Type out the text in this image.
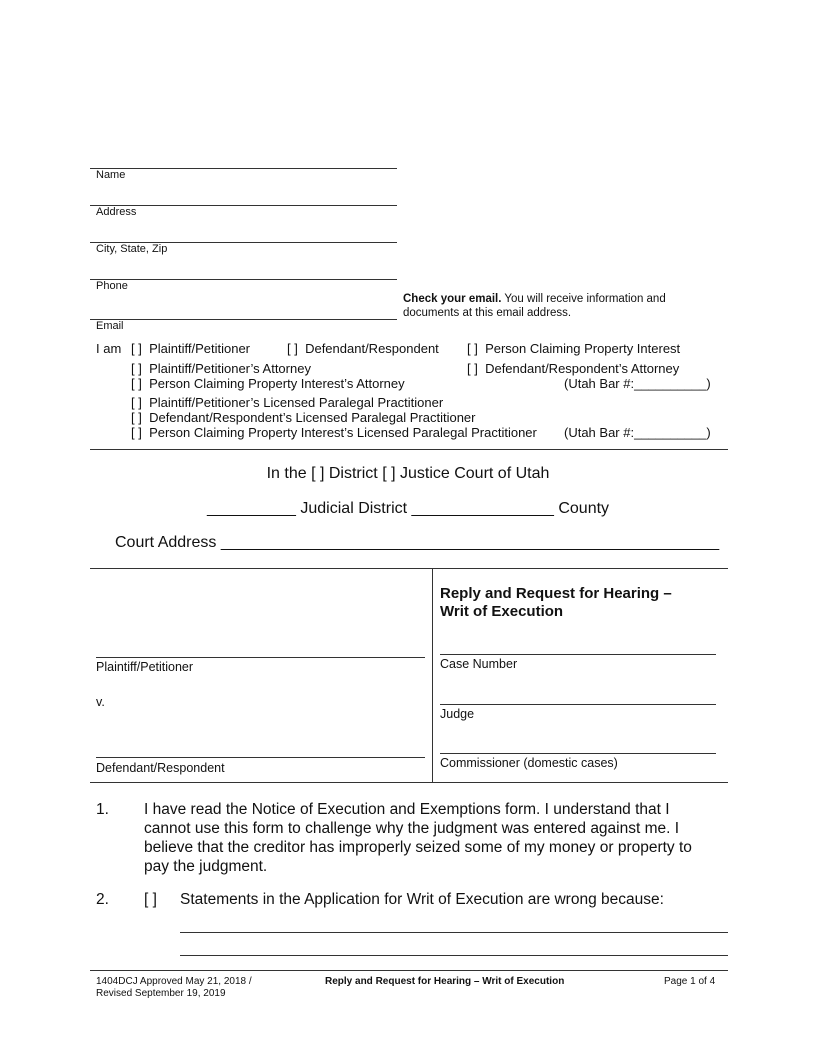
Name
Address
City, State, Zip
Phone
Email
Check your email. You will receive information and
documents at this email address.
I am [ ] Plaintiff/Petitioner	[ ] Defendant/Respondent [ ] Person Claiming Property Interest
[ ] Plaintiff/Petitioner’s Attorney	[ ] Defendant/Respondent’s Attorney
[ ] Person Claiming Property Interest’s Attorney	(Utah Bar #:__________)
[ ] Plaintiff/Petitioner’s Licensed Paralegal Practitioner
[ ] Defendant/Respondent’s Licensed Paralegal Practitioner
[ ] Person Claiming Property Interest’s Licensed Paralegal Practitioner (Utah Bar #:__________)
In the [ ] District [ ] Justice Court of Utah
__________ Judicial District ________________ County
Court Address ________________________________________________________
Reply and Request for Hearing –
Writ of Execution
Plaintiff/Petitioner
v.
Defendant/Respondent
Case Number
Judge
Commissioner (domestic cases)
1. I have read the Notice of Execution and Exemptions form. I understand that I
cannot use this form to challenge why the judgment was entered against me. I
believe that the creditor has improperly seized some of my money or property to
pay the judgment.
2. [ ] Statements in the Application for Writ of Execution are wrong because:
1404DCJ Approved May 21, 2018 /
Revised September 19, 2019
Reply and Request for Hearing – Writ of Execution	Page 1 of 4
